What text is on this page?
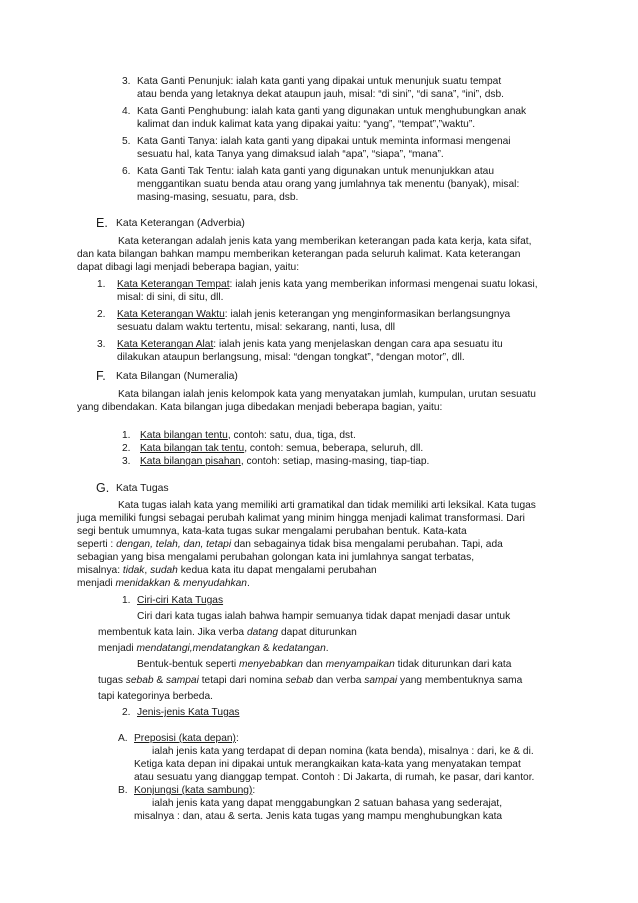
3. Kata Ganti Penunjuk: ialah kata ganti yang dipakai untuk menunjuk suatu tempat
atau benda yang letaknya dekat ataupun jauh, misal: “di sini”, “di sana”, “ini”, dsb.
4. Kata Ganti Penghubung: ialah kata ganti yang digunakan untuk menghubungkan anak
kalimat dan induk kalimat kata yang dipakai yaitu: “yang”, “tempat”,”waktu”.
5. Kata Ganti Tanya: ialah kata ganti yang dipakai untuk meminta informasi mengenai
sesuatu hal, kata Tanya yang dimaksud ialah “apa”, “siapa”, “mana”.
6. Kata Ganti Tak Tentu: ialah kata ganti yang digunakan untuk menunjukkan atau
menggantikan suatu benda atau orang yang jumlahnya tak menentu (banyak), misal:
masing-masing, sesuatu, para, dsb.
E. Kata Keterangan (Adverbia)
Kata keterangan adalah jenis kata yang memberikan keterangan pada kata kerja, kata sifat,
dan kata bilangan bahkan mampu memberikan keterangan pada seluruh kalimat. Kata keterangan
dapat dibagi lagi menjadi beberapa bagian, yaitu:
1. Kata Keterangan Tempat: ialah jenis kata yang memberikan informasi mengenai suatu lokasi,
misal: di sini, di situ, dll.
2. Kata Keterangan Waktu: ialah jenis keterangan yng menginformasikan berlangsungnya
sesuatu dalam waktu tertentu, misal: sekarang, nanti, lusa, dll
3. Kata Keterangan Alat: ialah jenis kata yang menjelaskan dengan cara apa sesuatu itu
dilakukan ataupun berlangsung, misal: “dengan tongkat”, “dengan motor”, dll.
F. Kata Bilangan (Numeralia)
Kata bilangan ialah jenis kelompok kata yang menyatakan jumlah, kumpulan, urutan sesuatu
yang dibendakan. Kata bilangan juga dibedakan menjadi beberapa bagian, yaitu:
1. Kata bilangan tentu, contoh: satu, dua, tiga, dst.
2. Kata bilangan tak tentu, contoh: semua, beberapa, seluruh, dll.
3. Kata bilangan pisahan, contoh: setiap, masing-masing, tiap-tiap.
G. Kata Tugas
Kata tugas ialah kata yang memiliki arti gramatikal dan tidak memiliki arti leksikal. Kata tugas
juga memiliki fungsi sebagai perubah kalimat yang minim hingga menjadi kalimat transformasi. Dari
segi bentuk umumnya, kata-kata tugas sukar mengalami perubahan bentuk. Kata-kata
seperti : dengan, telah, dan, tetapi dan sebagainya tidak bisa mengalami perubahan. Tapi, ada
sebagian yang bisa mengalami perubahan golongan kata ini jumlahnya sangat terbatas,
misalnya: tidak, sudah kedua kata itu dapat mengalami perubahan
menjadi menidakkan & menyudahkan.
1. Ciri-ciri Kata Tugas
Ciri dari kata tugas ialah bahwa hampir semuanya tidak dapat menjadi dasar untuk
membentuk kata lain. Jika verba datang dapat diturunkan
menjadi mendatangi,mendatangkan & kedatangan.
Bentuk-bentuk seperti menyebabkan dan menyampaikan tidak diturunkan dari kata
tugas sebab & sampai tetapi dari nomina sebab dan verba sampai yang membentuknya sama
tapi kategorinya berbeda.
2. Jenis-jenis Kata Tugas
A. Preposisi (kata depan):
ialah jenis kata yang terdapat di depan nomina (kata benda), misalnya : dari, ke & di.
Ketiga kata depan ini dipakai untuk merangkaikan kata-kata yang menyatakan tempat
atau sesuatu yang dianggap tempat. Contoh : Di Jakarta, di rumah, ke pasar, dari kantor.
B. Konjungsi (kata sambung):
ialah jenis kata yang dapat menggabungkan 2 satuan bahasa yang sederajat,
misalnya : dan, atau & serta. Jenis kata tugas yang mampu menghubungkan kata
